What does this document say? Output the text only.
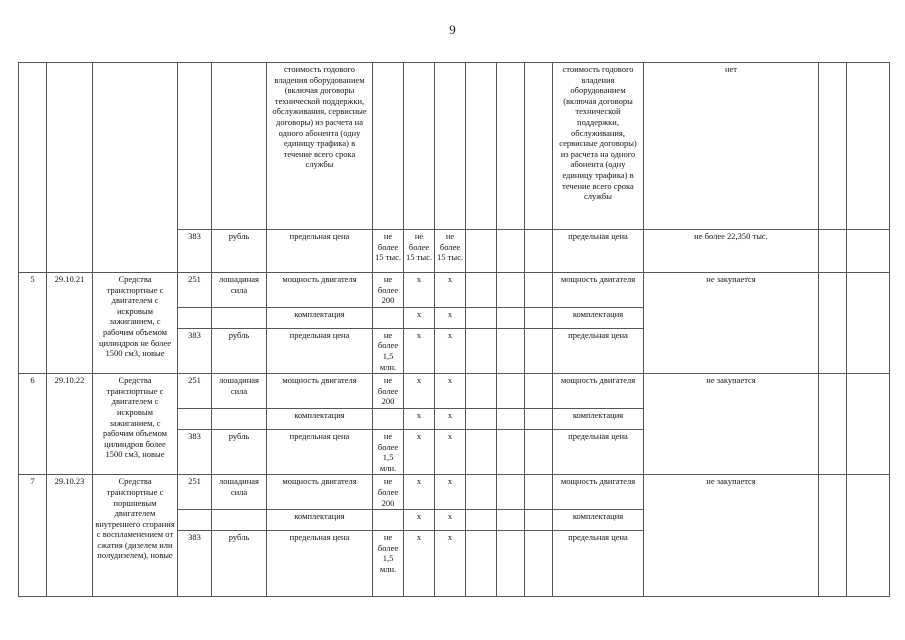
9
					стоимость годового владения оборудованием (включая договоры технической поддержки, обслуживания, сервисные договоры) из расчета на одного абонента (одну единицу трафика) в течение всего срока службы							стоимость годового владения оборудованием (включая договоры технической поддержки, обслуживания, сервисные договоры) из расчета на одного абонента (одну единицу трафика) в течение всего срока службы	нет		
			383	рубль	предельная цена	не более 15 тыс.	не более 15 тыс.	не более 15 тыс.				предельная цена	не более 22,350 тыс.		
5	29.10.21	Средства транспортные с двигателем с искровым зажиганием, с рабочим объемом цилиндров не более 1500 см3, новые	251	лошадиная сила	мощность двигателя	не более 200	х	х				мощность двигателя	не закупается		
					комплектация		х	х				комплектация			
			383	рубль	предельная цена	не более 1,5 млн.	х	х				предельная цена			
6	29.10.22	Средства транспортные с двигателем с искровым зажиганием, с рабочим объемом цилиндров более 1500 см3, новые	251	лошадиная сила	мощность двигателя	не более 200	х	х				мощность двигателя	не закупается		
					комплектация		х	х				комплектация			
			383	рубль	предельная цена	не более 1,5 млн.	х	х				предельная цена			
7	29.10.23	Средства транспортные с поршневым двигателем внутреннего сгорания с воспламенением от сжатия (дизелем или полудизелем), новые	251	лошадиная сила	мощность двигателя	не более 200	х	х				мощность двигателя	не закупается		
					комплектация		х	х				комплектация			
			383	рубль	предельная цена	не более 1,5 млн.	х	х				предельная цена			
